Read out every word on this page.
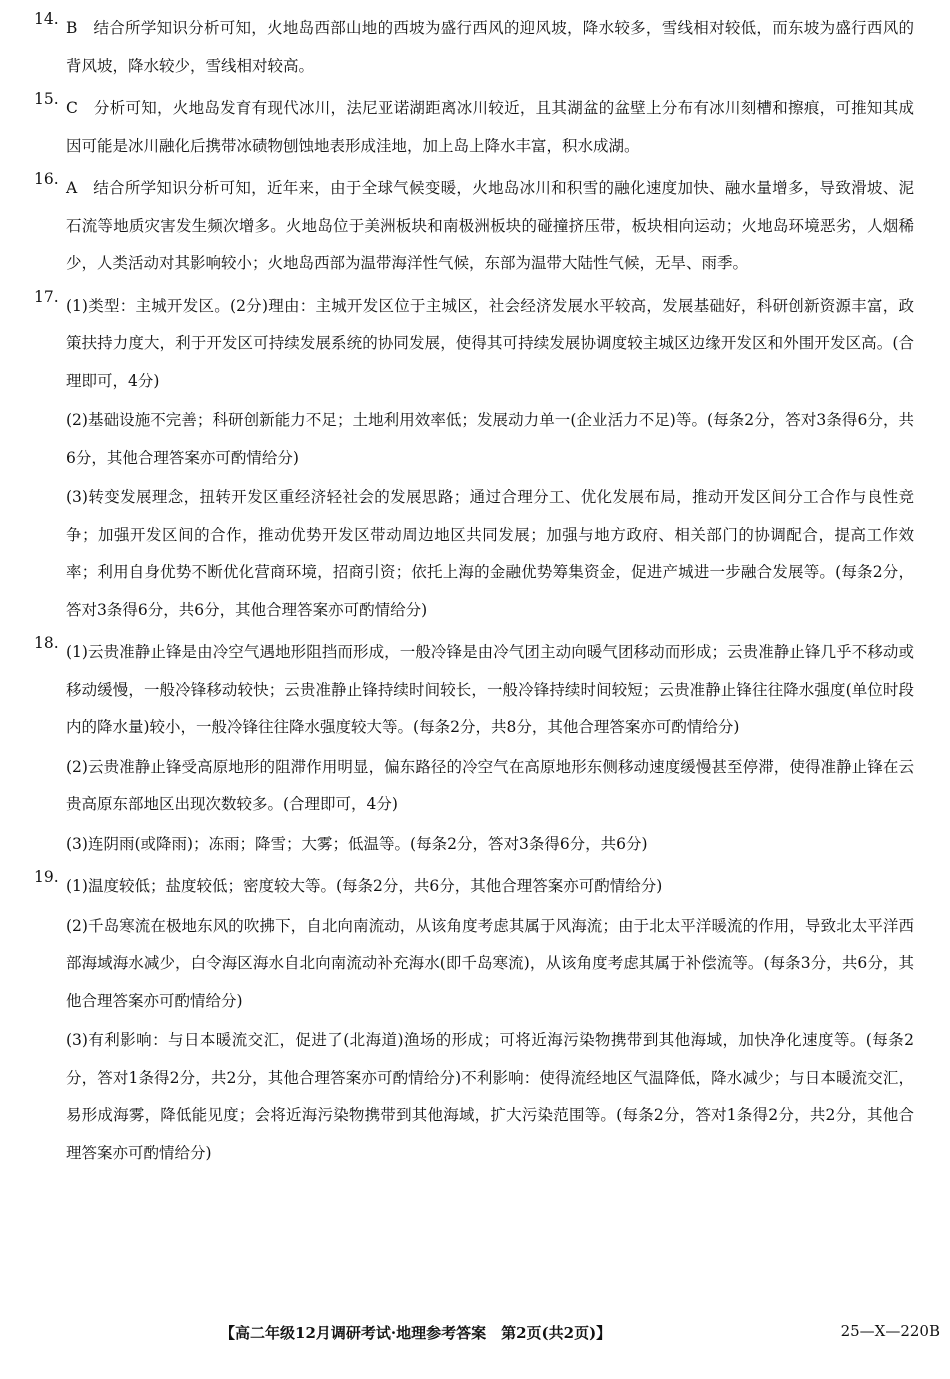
14. B　结合所学知识分析可知，火地岛西部山地的西坡为盛行西风的迎风坡，降水较多，雪线相对较低，而东坡为盛行西风的背风坡，降水较少，雪线相对较高。
15. C　分析可知，火地岛发育有现代冰川，法尼亚诺湖距离冰川较近，且其湖盆的盆壁上分布有冰川刻槽和擦痕，可推知其成因可能是冰川融化后携带冰碛物刨蚀地表形成洼地，加上岛上降水丰富，积水成湖。
16. A　结合所学知识分析可知，近年来，由于全球气候变暖，火地岛冰川和积雪的融化速度加快、融水量增多，导致滑坡、泥石流等地质灾害发生频次增多。火地岛位于美洲板块和南极洲板块的碰撞挤压带，板块相向运动；火地岛环境恶劣，人烟稀少，人类活动对其影响较小；火地岛西部为温带海洋性气候，东部为温带大陆性气候，无旱、雨季。
17. (1)类型：主城开发区。(2分)理由：主城开发区位于主城区，社会经济发展水平较高，发展基础好，科研创新资源丰富，政策扶持力度大，利于开发区可持续发展系统的协同发展，使得其可持续发展协调度较主城区边缘开发区和外围开发区高。(合理即可，4分)
(2)基础设施不完善；科研创新能力不足；土地利用效率低；发展动力单一(企业活力不足)等。(每条2分，答对3条得6分，共6分，其他合理答案亦可酌情给分)
(3)转变发展理念，扭转开发区重经济轻社会的发展思路；通过合理分工、优化发展布局，推动开发区间分工合作与良性竞争；加强开发区间的合作，推动优势开发区带动周边地区共同发展；加强与地方政府、相关部门的协调配合，提高工作效率；利用自身优势不断优化营商环境，招商引资；依托上海的金融优势筹集资金，促进产城进一步融合发展等。(每条2分，答对3条得6分，共6分，其他合理答案亦可酌情给分)
18. (1)云贵准静止锋是由冷空气遇地形阻挡而形成，一般冷锋是由冷气团主动向暖气团移动而形成；云贵准静止锋几乎不移动或移动缓慢，一般冷锋移动较快；云贵准静止锋持续时间较长，一般冷锋持续时间较短；云贵准静止锋往往降水强度(单位时段内的降水量)较小，一般冷锋往往降水强度较大等。(每条2分，共8分，其他合理答案亦可酌情给分)
(2)云贵准静止锋受高原地形的阻滞作用明显，偏东路径的冷空气在高原地形东侧移动速度缓慢甚至停滞，使得准静止锋在云贵高原东部地区出现次数较多。(合理即可，4分)
(3)连阴雨(或降雨)；冻雨；降雪；大雾；低温等。(每条2分，答对3条得6分，共6分)
19. (1)温度较低；盐度较低；密度较大等。(每条2分，共6分，其他合理答案亦可酌情给分)
(2)千岛寒流在极地东风的吹拂下，自北向南流动，从该角度考虑其属于风海流；由于北太平洋暖流的作用，导致北太平洋西部海域海水减少，白令海区海水自北向南流动补充海水(即千岛寒流)，从该角度考虑其属于补偿流等。(每条3分，共6分，其他合理答案亦可酌情给分)
(3)有利影响：与日本暖流交汇，促进了(北海道)渔场的形成；可将近海污染物携带到其他海域，加快净化速度等。(每条2分，答对1条得2分，共2分，其他合理答案亦可酌情给分)不利影响：使得流经地区气温降低，降水减少；与日本暖流交汇，易形成海雾，降低能见度；会将近海污染物携带到其他海域，扩大污染范围等。(每条2分，答对1条得2分，共2分，其他合理答案亦可酌情给分)
【高二年级12月调研考试·地理参考答案　第2页(共2页)】	25—X—220B
